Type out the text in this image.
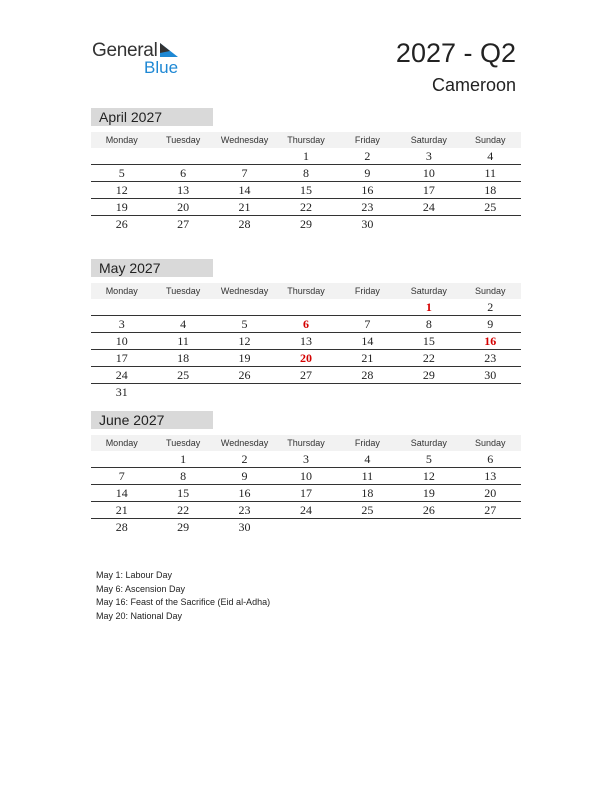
General
Blue	2027 - Q2
Cameroon
April 2027
Monday	Tuesday	Wednesday	Thursday	Friday	Saturday	Sunday
			1	2	3	4
5	6	7	8	9	10	11
12	13	14	15	16	17	18
19	20	21	22	23	24	25
26	27	28	29	30		
May 2027
Monday	Tuesday	Wednesday	Thursday	Friday	Saturday	Sunday
					1	2
3	4	5	6	7	8	9
10	11	12	13	14	15	16
17	18	19	20	21	22	23
24	25	26	27	28	29	30
31						
June 2027
Monday	Tuesday	Wednesday	Thursday	Friday	Saturday	Sunday
	1	2	3	4	5	6
7	8	9	10	11	12	13
14	15	16	17	18	19	20
21	22	23	24	25	26	27
28	29	30				
May 1: Labour Day
May 6: Ascension Day
May 16: Feast of the Sacrifice (Eid al-Adha)
May 20: National Day
